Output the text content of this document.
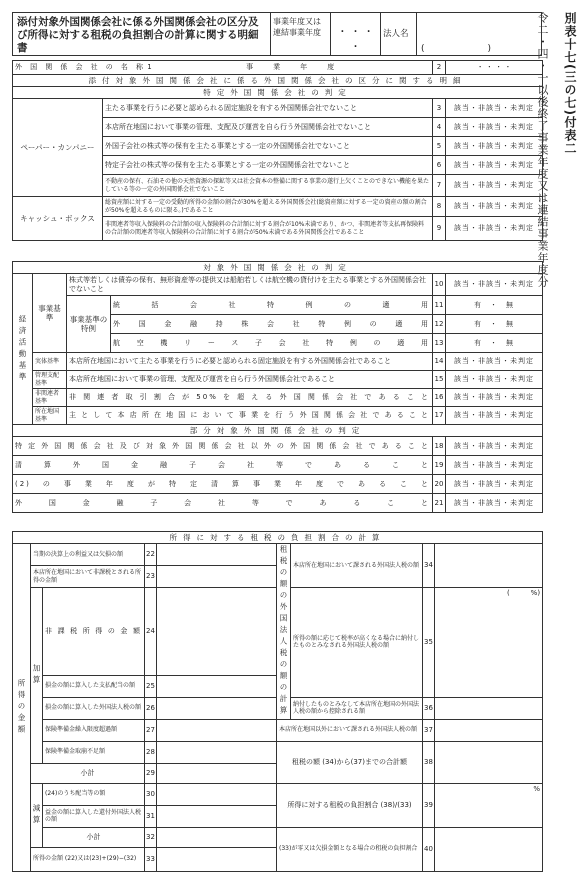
別表十七(三の七)付表二
令二・四・一以後終了事業年度又は連結事業年度分
添付対象外国関係会社に係る外国関係会社の区分及び所得に対する租税の負担割合の計算に関する明細書
事業年度又は連結事業年度	・ ・ ・ ・
法人名
(　　　　　　　)
外国関係会社の名称 1 事業年度		2	・ ・ ・ ・
添付対象外国関係会社に係る外国関係会社の区分に関する明細			
特定外国関係会社の判定			
ペーパー・カンパニー	主たる事業を行うに必要と認められる固定施設を有する外国関係会社でないこと	3	該当・非該当・未判定
	本店所在地国において事業の管理、支配及び運営を自ら行う外国関係会社でないこと	4	該当・非該当・未判定
	外国子会社の株式等の保有を主たる事業とする一定の外国関係会社でないこと	5	該当・非該当・未判定
	特定子会社の株式等の保有を主たる事業とする一定の外国関係会社でないこと	6	該当・非該当・未判定
	不動産の保有、石油その他の天然資源の探鉱等又は社会資本の整備に関する事業の遂行上欠くことのできない機能を果たしている等の一定の外国関係会社でないこと	7	該当・非該当・未判定
キャッシュ・ボックス	総資産額に対する一定の受動的所得の金額の割合が30%を超える外国関係会社(総資産額に対する一定の資産の額の割合が50%を超えるものに限る。)であること	8	該当・非該当・未判定
	非関連者等収入保険料の合計額の収入保険料の合計額に対する割合が10%未満であり、かつ、非関連者等支払再保険料の合計額の関連者等収入保険料の合計額に対する割合が50%未満である外国関係会社であること	9	該当・非該当・未判定
対象外国関係会社の判定					
経済活動基準	事業基準	株式等若しくは債券の保有、無形資産等の提供又は船舶若しくは航空機の貸付けを主たる事業とする外国関係会社でないこと		10	該当・非該当・未判定
		事業基準の特例	統括会社特例の適用	11	有　・　無
			外国金融持株会社特例の適用	12	有　・　無
			航空機リース子会社特例の適用	13	有　・　無
	実体基準	本店所在地国において主たる事業を行うに必要と認められる固定施設を有する外国関係会社であること		14	該当・非該当・未判定
	管理支配基準	本店所在地国において事業の管理、支配及び運営を自ら行う外国関係会社であること		15	該当・非該当・未判定
	非関連者基準	非関連者取引割合が50%を超える外国関係会社であること		16	該当・非該当・未判定
	所在地国基準	主として本店所在地国において事業を行う外国関係会社であること		17	該当・非該当・未判定
部分対象外国関係会社の判定					
特定外国関係会社及び対象外国関係会社以外の外国関係会社であること				18	該当・非該当・未判定
清算外国金融子会社等であること				19	該当・非該当・未判定
(2)の事業年度が特定清算事業年度であること				20	該当・非該当・未判定
外国金融子会社等であること				21	該当・非該当・未判定
所得に対する租税の負担割合の計算								
所得の金額	当期の決算上の利益又は欠損の額		22		租税の額の外国法人税の額の計算	本店所在地国において課される外国法人税の額	34	
	本店所在地国において非課税とされる所得の金額		23					
	加算	非課税所得の金額	24			所得の額に応じて税率が高くなる場合に納付したものとみなされる外国法人税の額	35	(　　　%)
		損金の額に算入した支払配当の額	25					
		損金の額に算入した外国法人税の額	26			納付したものとみなして本店所在地国の外国法人税の額から控除される額	36	
		保険準備金繰入限度超過額	27		本店所在地国以外において課される外国法人税の額		37	
		保険準備金取崩不足額	28		租税の額 (34)から(37)までの合計額		38	
	小計		29					
	減算	(24)のうち配当等の額	30		所得に対する租税の負担割合 (38)/(33)		39	%
		益金の額に算入した還付外国法人税の額	31					
		小計	32		(33)が零又は欠損金額となる場合の租税の負担割合		40	
	所得の金額 (22)又は(23)+(29)−(32)		33					
